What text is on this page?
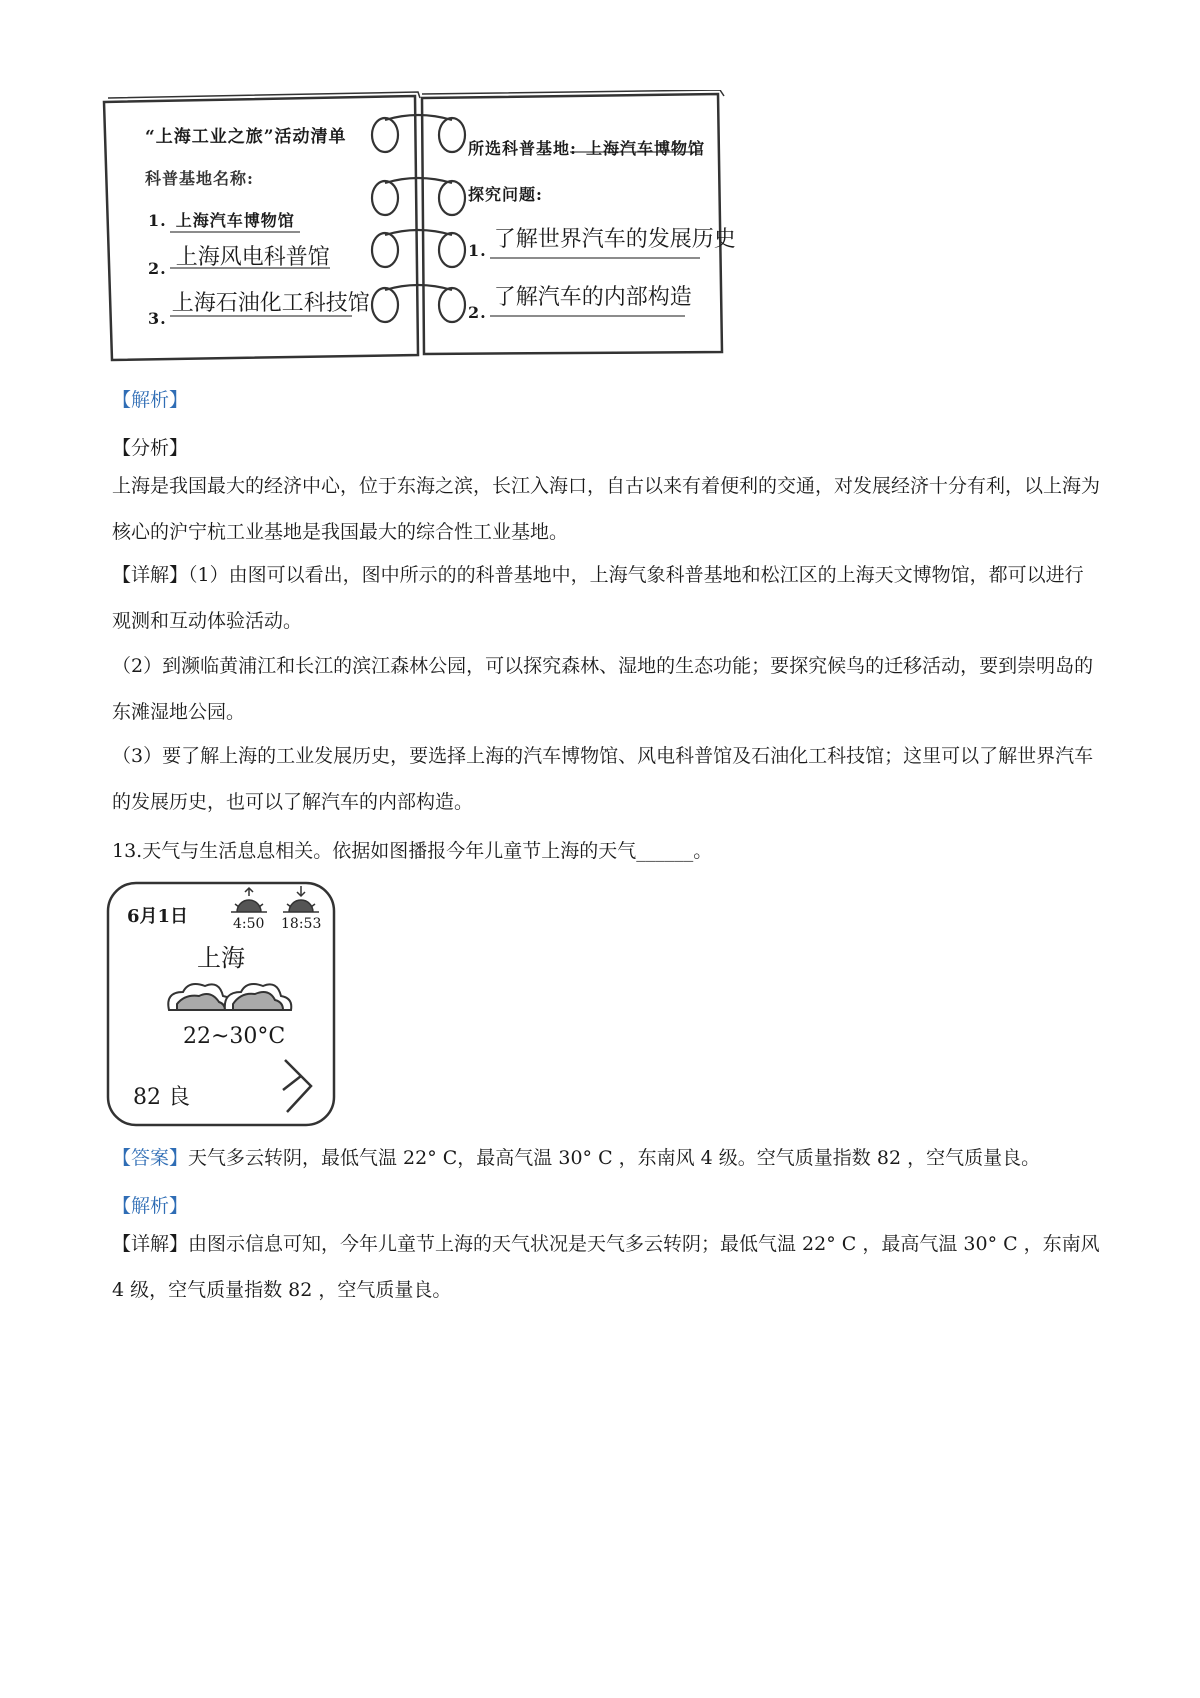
“上海工业之旅”活动清单
科普基地名称:
1. 上海汽车博物馆
2. 上海风电科普馆
3. 上海石油化工科技馆
所选科普基地: 上海汽车博物馆
探究问题:
1. 了解世界汽车的发展历史
2. 了解汽车的内部构造
【解析】
【分析】
上海是我国最大的经济中心，位于东海之滨，长江入海口，自古以来有着便利的交通，对发展经济十分有利，以上海为核心的沪宁杭工业基地是我国最大的综合性工业基地。
【详解】（1）由图可以看出，图中所示的的科普基地中，上海气象科普基地和松江区的上海天文博物馆，都可以进行观测和互动体验活动。
（2）到濒临黄浦江和长江的滨江森林公园，可以探究森林、湿地的生态功能；要探究候鸟的迁移活动，要到崇明岛的东滩湿地公园。
（3）要了解上海的工业发展历史，要选择上海的汽车博物馆、风电科普馆及石油化工科技馆；这里可以了解世界汽车的发展历史，也可以了解汽车的内部构造。
13.天气与生活息息相关。依据如图播报今年儿童节上海的天气______。
6月1日	4:50 18:53
上海
22~30°C
82 良
【答案】天气多云转阴，最低气温 22° C，最高气温 30° C ，东南风 4 级。空气质量指数 82 ，空气质量良。
【解析】
【详解】由图示信息可知，今年儿童节上海的天气状况是天气多云转阴；最低气温 22° C ，最高气温 30° C ，东南风 4 级，空气质量指数 82 ，空气质量良。
